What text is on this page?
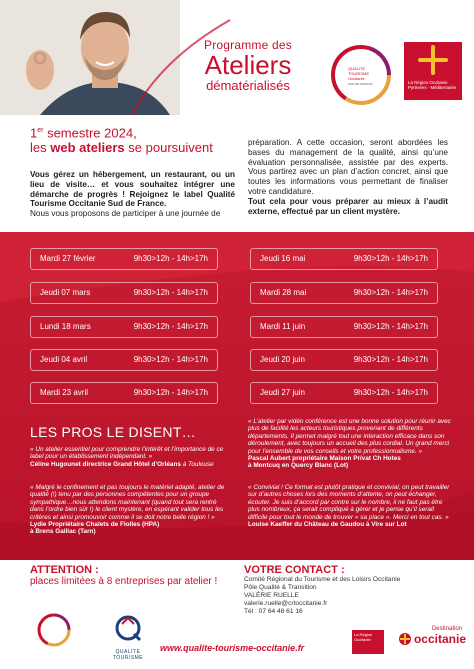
Programme des
Ateliers
dématérialisés
QUALITE
TOURISME
Occitanie
SUD DE FRANCE	La Région Occitanie Pyrénées · Méditerranée
1er semestre 2024,
les web ateliers se poursuivent
Vous gérez un hébergement, un restaurant, ou un lieu de visite… et vous souhaitez intégrer une démarche de progrès ! Rejoignez le label Qualité Tourisme Occitanie Sud de France.
Nous vous proposons de participer à une journée de
préparation. A cette occasion, seront abordées les bases du management de la qualité, ainsi qu’une évaluation personnalisée, assistée par des experts. Vous partirez avec un plan d’action concret, ainsi que toutes les informations vous permettant de finaliser votre candidature.
Tout cela pour vous préparer au mieux à l’audit externe, effectué par un client mystère.
Mardi 27 février	9h30>12h - 14h>17h
Jeudi 07 mars	9h30>12h - 14h>17h
Lundi 18 mars	9h30>12h - 14h>17h
Jeudi 04 avril	9h30>12h - 14h>17h
Mardi 23 avril	9h30>12h - 14h>17h
Jeudi 16 mai	9h30>12h - 14h>17h
Mardi 28 mai	9h30>12h - 14h>17h
Mardi 11 juin	9h30>12h - 14h>17h
Jeudi 20 juin	9h30>12h - 14h>17h
Jeudi 27 juin	9h30>12h - 14h>17h
LES PROS LE DISENT…
« Un atelier essentiel pour comprendre l’intérêt et l’importance de ce label pour un établissement indépendant. »
Céline Hugounet directrice Grand Hôtel d’Orléans à Toulouse
« Malgré le confinement et pas toujours le matériel adapté, atelier de qualité (!) tenu par des personnes compétentes pour un groupe sympathique…nous attendons maintenant (quand tout sera rentré dans l’ordre bien sûr !) le client mystère, en espérant valider tous les critères et ainsi promouvoir comme il se doit notre belle région ! »
Lydie Propriétaire Chalets de Fiolles (HPA)
à Brens Gaillac (Tarn)
« L’atelier par vidéo conférence est une bonne solution pour réunir avec plus de facilité les acteurs touristiques provenant de différents départements. Il permet malgré tout une interaction efficace dans son déroulement, avec toujours un accueil des plus cordial. Un grand merci pour l’ensemble de vos conseils et votre professionnalisme. »
Pascal Aubert propriétaire Maison Privat Ch Hotes
à Montcuq en Quercy Blanc (Lot)
« Convivial ! Ce format est plutôt pratique et convivial, on peut travailler sur d’autres choses lors des moments d’attente, on peut échanger, écouter. Je suis d’accord par contre sur le nombre, il ne faut pas être plus nombreux, ça serait compliqué à gérer et je pense qu’il serait difficile pour tout le monde de trouver « sa place ». Merci en tout cas. »
Louise Kaeffer du Château de Gaudou à Vire sur Lot
ATTENTION :
places limitées à 8 entreprises par atelier !
VOTRE CONTACT :
Comité Régional du Tourisme et des Loisirs Occitanie
Pôle Qualité & Transition
VALÉRIE RUELLE
valerie.ruelle@crtoccitanie.fr
Tél : 07 64 48 61 16
QUALITE TOURISME
www.qualite-tourisme-occitanie.fr
La Région Occitanie
Destination
occitanie
